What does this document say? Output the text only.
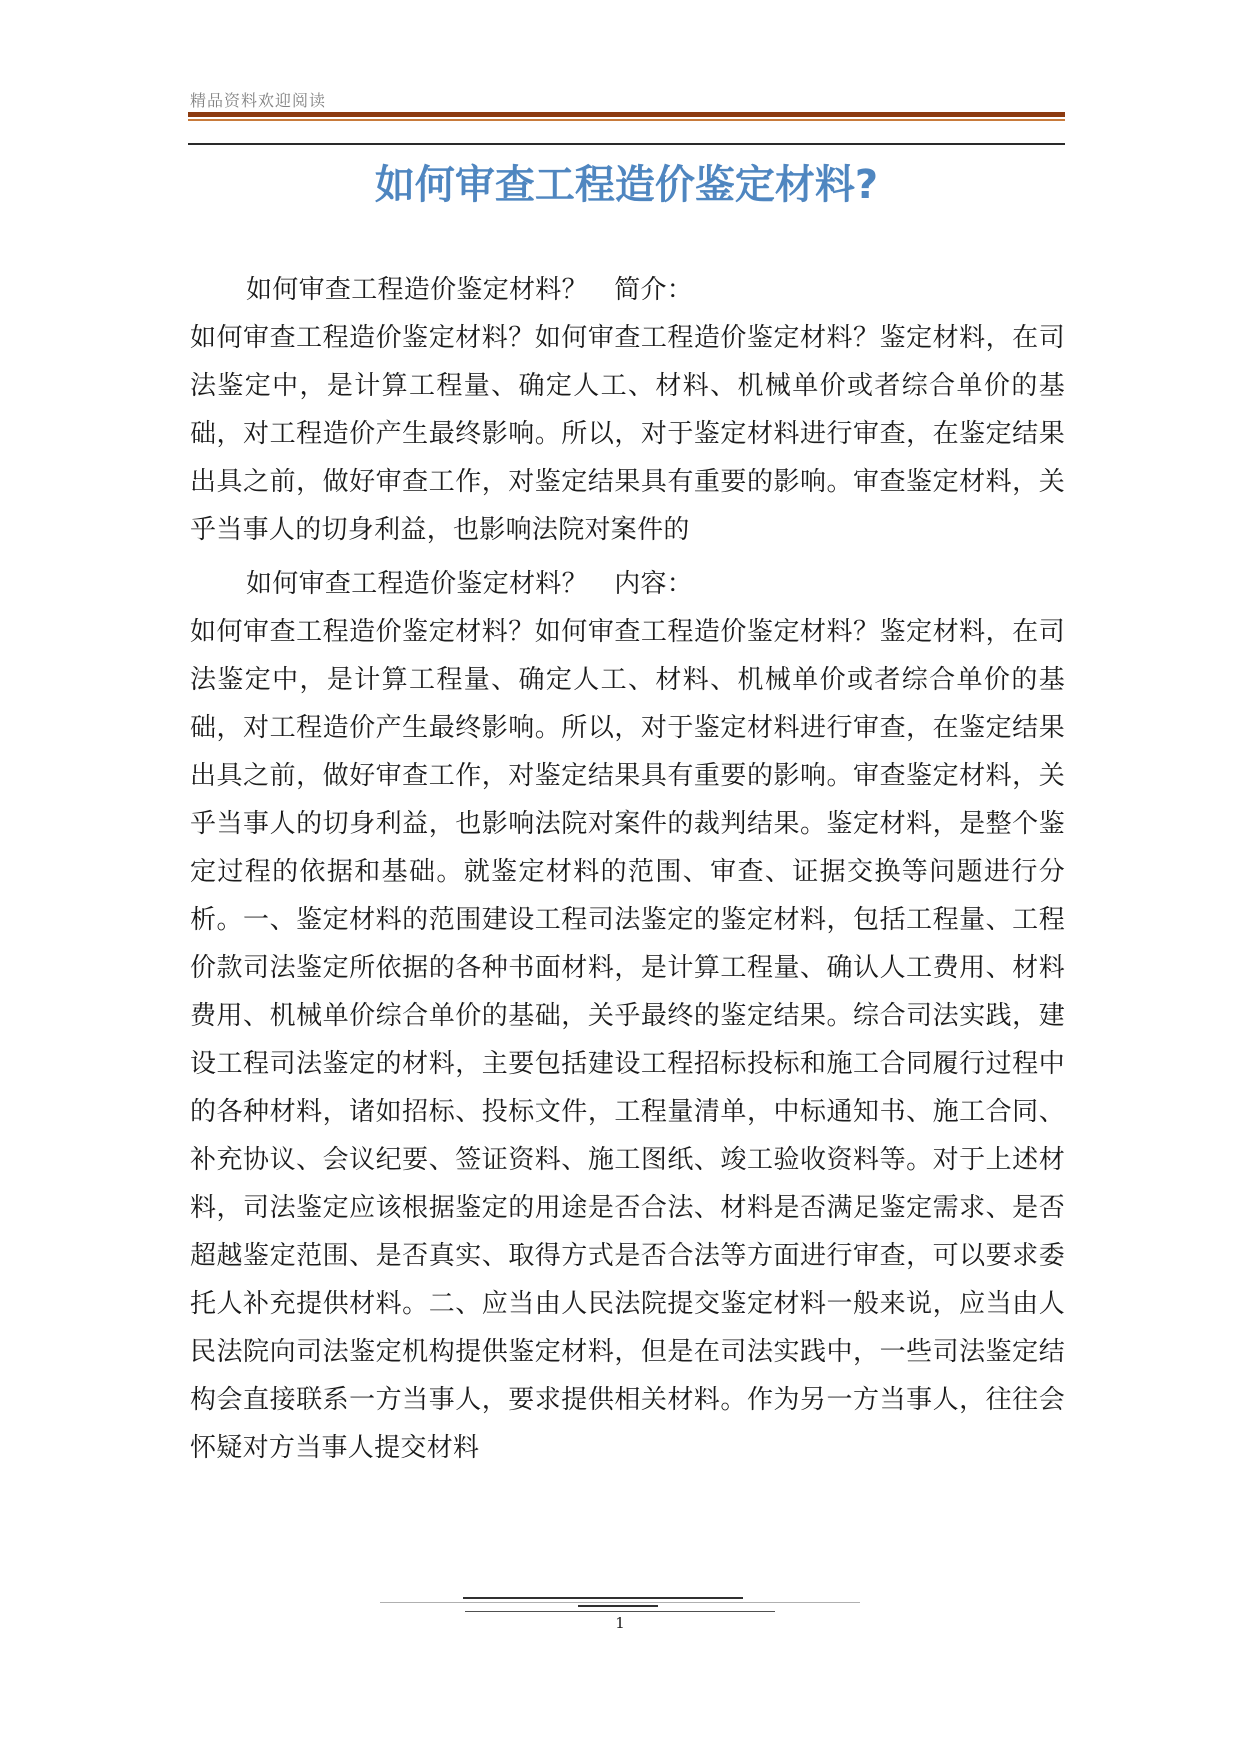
精品资料欢迎阅读
如何审查工程造价鉴定材料?

如何审查工程造价鉴定材料？　简介：

如何审查工程造价鉴定材料？如何审查工程造价鉴定材料？鉴定材料，在司法鉴定中，是计算工程量、确定人工、材料、机械单价或者综合单价的基础，对工程造价产生最终影响。所以，对于鉴定材料进行审查，在鉴定结果出具之前，做好审查工作，对鉴定结果具有重要的影响。审查鉴定材料，关乎当事人的切身利益，也影响法院对案件的

如何审查工程造价鉴定材料？　内容：

如何审查工程造价鉴定材料？如何审查工程造价鉴定材料？鉴定材料，在司法鉴定中，是计算工程量、确定人工、材料、机械单价或者综合单价的基础，对工程造价产生最终影响。所以，对于鉴定材料进行审查，在鉴定结果出具之前，做好审查工作，对鉴定结果具有重要的影响。审查鉴定材料，关乎当事人的切身利益，也影响法院对案件的裁判结果。鉴定材料，是整个鉴定过程的依据和基础。就鉴定材料的范围、审查、证据交换等问题进行分析。一、鉴定材料的范围建设工程司法鉴定的鉴定材料，包括工程量、工程价款司法鉴定所依据的各种书面材料，是计算工程量、确认人工费用、材料费用、机械单价综合单价的基础，关乎最终的鉴定结果。综合司法实践，建设工程司法鉴定的材料，主要包括建设工程招标投标和施工合同履行过程中的各种材料，诸如招标、投标文件，工程量清单，中标通知书、施工合同、补充协议、会议纪要、签证资料、施工图纸、竣工验收资料等。对于上述材料，司法鉴定应该根据鉴定的用途是否合法、材料是否满足鉴定需求、是否超越鉴定范围、是否真实、取得方式是否合法等方面进行审查，可以要求委托人补充提供材料。二、应当由人民法院提交鉴定材料一般来说，应当由人民法院向司法鉴定机构提供鉴定材料，但是在司法实践中，一些司法鉴定结构会直接联系一方当事人，要求提供相关材料。作为另一方当事人，往往会怀疑对方当事人提交材料

1
